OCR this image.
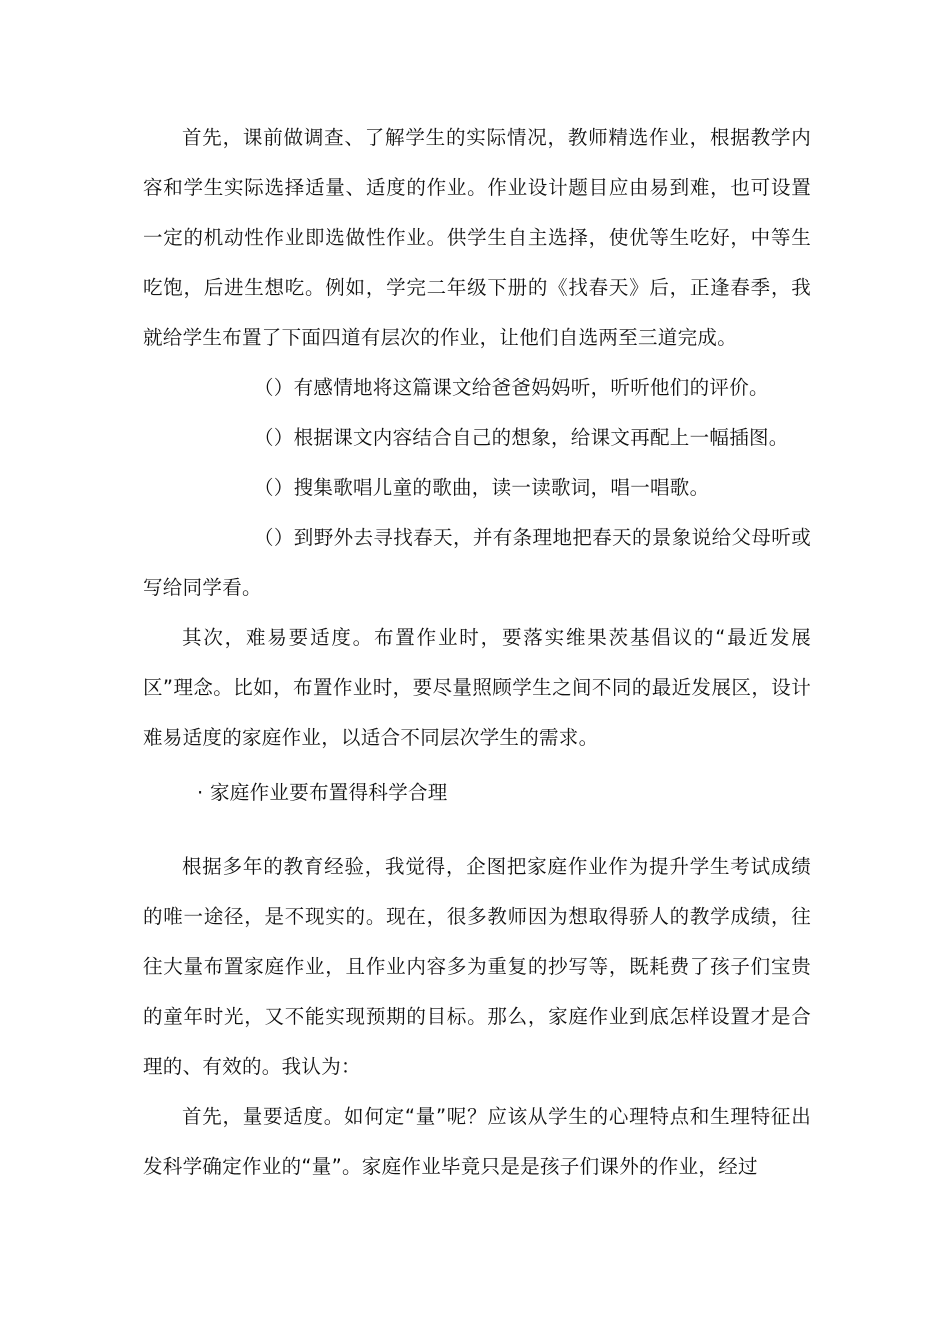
首先，课前做调查、了解学生的实际情况，教师精选作业，根据教学内容和学生实际选择适量、适度的作业。作业设计题目应由易到难，也可设置一定的机动性作业即选做性作业。供学生自主选择，使优等生吃好，中等生吃饱，后进生想吃。例如，学完二年级下册的《找春天》后，正逢春季，我就给学生布置了下面四道有层次的作业，让他们自选两至三道完成。

（）有感情地将这篇课文给爸爸妈妈听，听听他们的评价。

（）根据课文内容结合自己的想象，给课文再配上一幅插图。

（）搜集歌唱儿童的歌曲，读一读歌词，唱一唱歌。

（）到野外去寻找春天，并有条理地把春天的景象说给父母听或写给同学看。

其次，难易要适度。布置作业时，要落实维果茨基倡议的“最近发展区”理念。比如，布置作业时，要尽量照顾学生之间不同的最近发展区，设计难易适度的家庭作业，以适合不同层次学生的需求。

· 家庭作业要布置得科学合理

根据多年的教育经验，我觉得，企图把家庭作业作为提升学生考试成绩的唯一途径，是不现实的。现在，很多教师因为想取得骄人的教学成绩，往往大量布置家庭作业，且作业内容多为重复的抄写等，既耗费了孩子们宝贵的童年时光，又不能实现预期的目标。那么，家庭作业到底怎样设置才是合理的、有效的。我认为：

首先，量要适度。如何定“量”呢？应该从学生的心理特点和生理特征出发科学确定作业的“量”。家庭作业毕竟只是是孩子们课外的作业，经过
